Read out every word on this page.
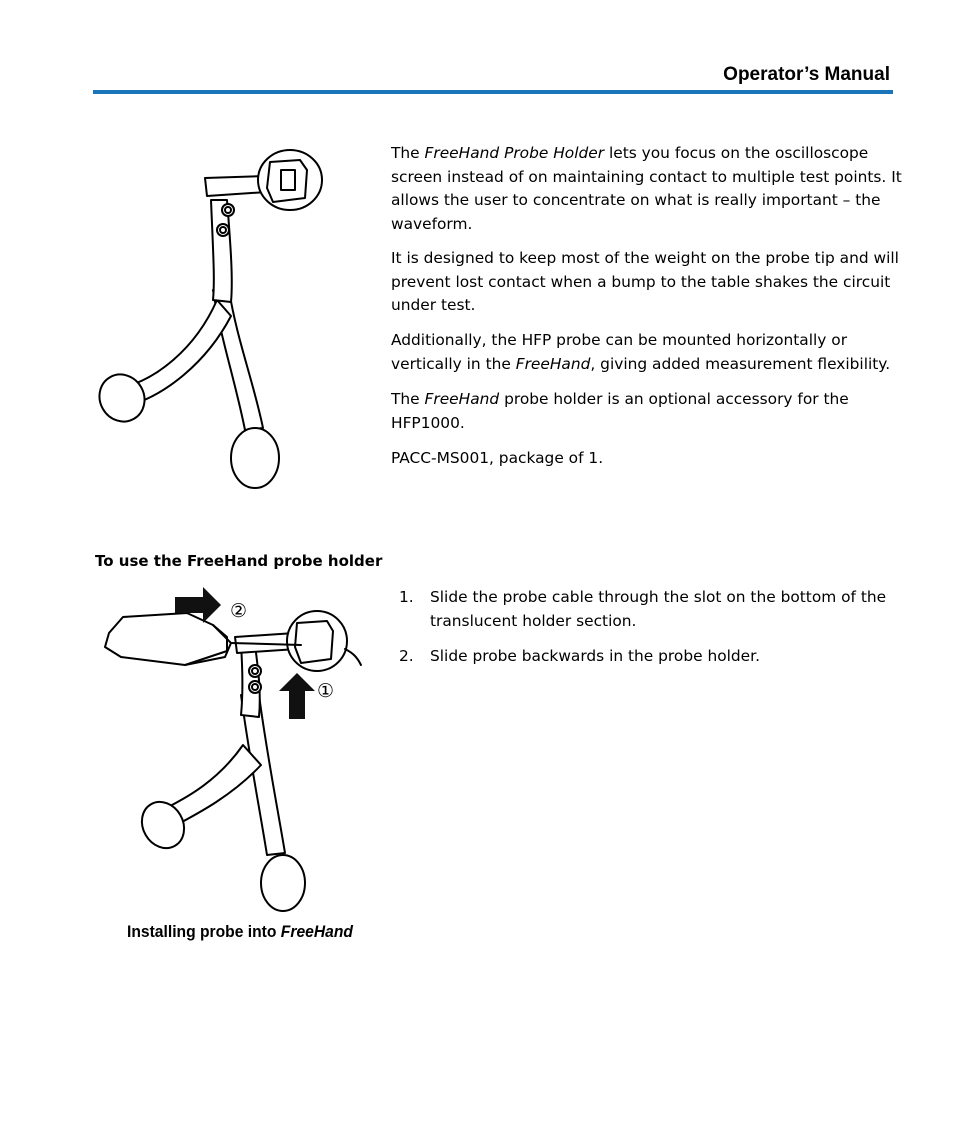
Operator’s Manual

The FreeHand Probe Holder lets you focus on the oscilloscope screen instead of on maintaining contact to multiple test points. It allows the user to concentrate on what is really important – the waveform.

It is designed to keep most of the weight on the probe tip and will prevent lost contact when a bump to the table shakes the circuit under test.

Additionally, the HFP probe can be mounted horizontally or vertically in the FreeHand, giving added measurement flexibility.

The FreeHand probe holder is an optional accessory for the HFP1000.

PACC-MS001, package of 1.

To use the FreeHand probe holder
1. Slide the probe cable through the slot on the bottom of the translucent holder section.
2. Slide probe backwards in the probe holder.
②
①
Installing probe into FreeHand
